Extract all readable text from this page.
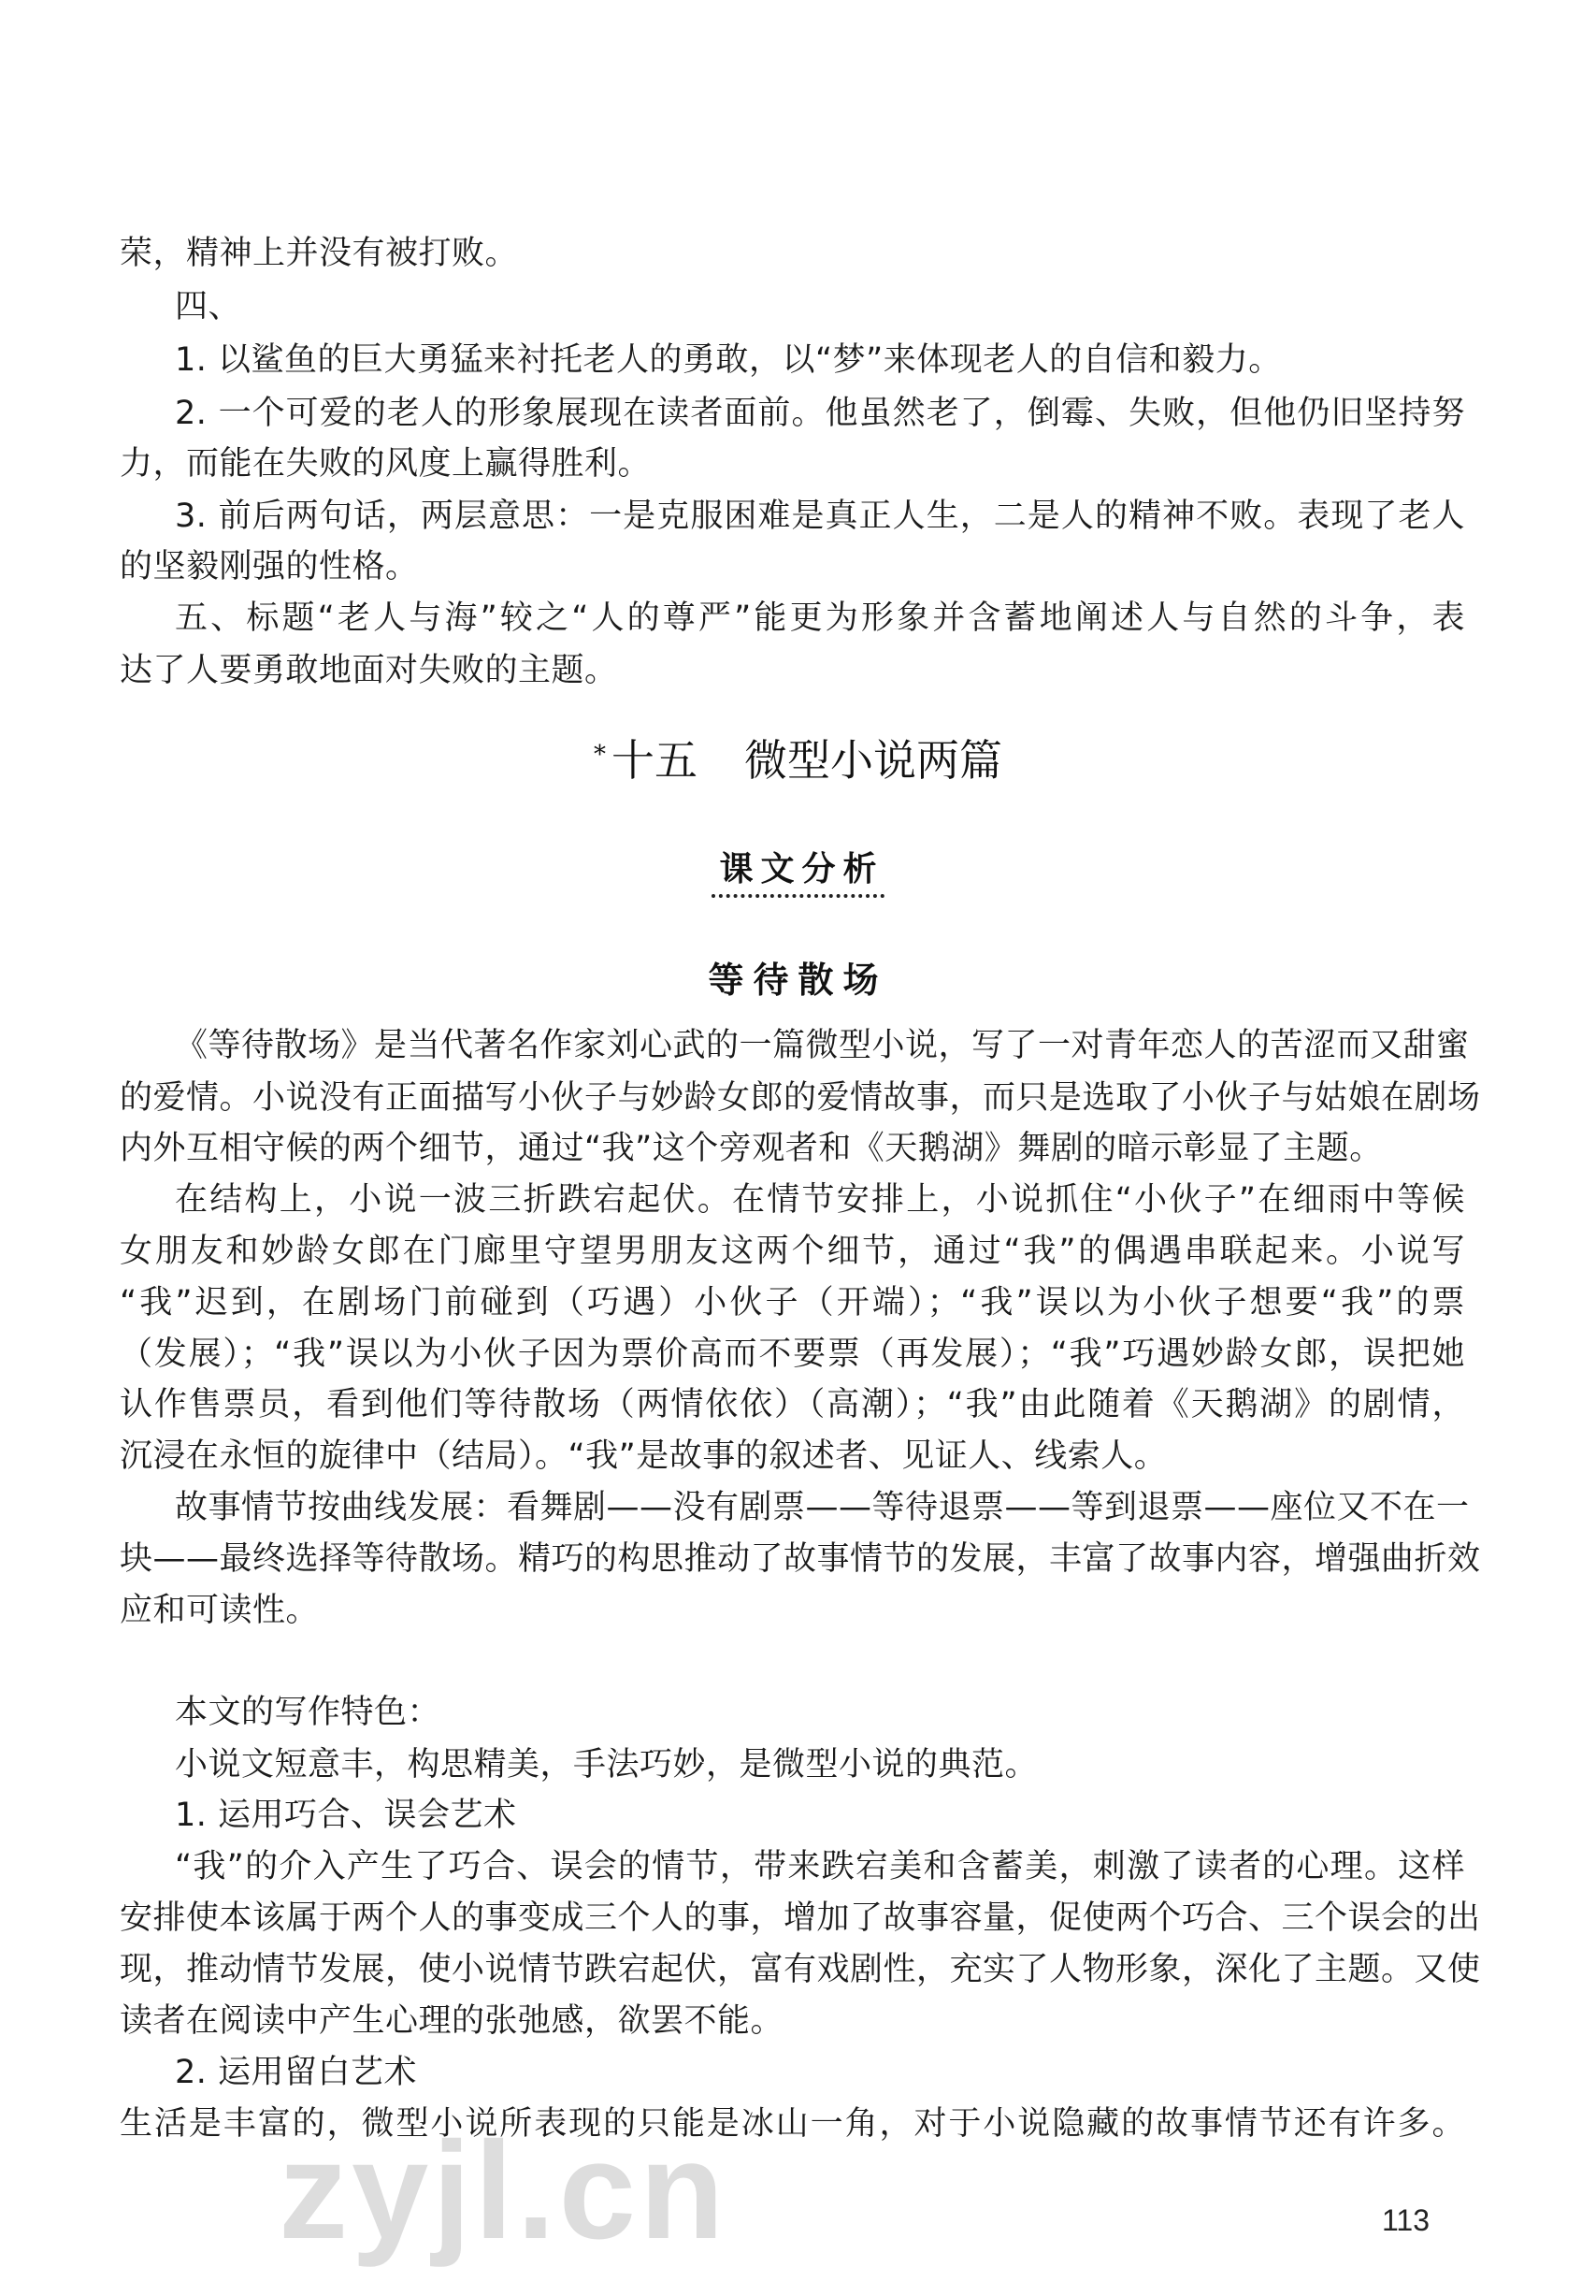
荣，精神上并没有被打败。
四、
1. 以鲨鱼的巨大勇猛来衬托老人的勇敢，以“梦”来体现老人的自信和毅力。
2. 一个可爱的老人的形象展现在读者面前。他虽然老了，倒霉、失败，但他仍旧坚持努
力，而能在失败的风度上赢得胜利。
3. 前后两句话，两层意思：一是克服困难是真正人生，二是人的精神不败。表现了老人
的坚毅刚强的性格。
五、标题“老人与海”较之“人的尊严”能更为形象并含蓄地阐述人与自然的斗争，表
达了人要勇敢地面对失败的主题。
* 十五 微型小说两篇
课文分析
等待散场
《等待散场》是当代著名作家刘心武的一篇微型小说，写了一对青年恋人的苦涩而又甜蜜
的爱情。小说没有正面描写小伙子与妙龄女郎的爱情故事，而只是选取了小伙子与姑娘在剧场
内外互相守候的两个细节，通过“我”这个旁观者和《天鹅湖》舞剧的暗示彰显了主题。
在结构上，小说一波三折跌宕起伏。在情节安排上，小说抓住“小伙子”在细雨中等候
女朋友和妙龄女郎在门廊里守望男朋友这两个细节，通过“我”的偶遇串联起来。小说写
“我”迟到，在剧场门前碰到（巧遇）小伙子（开端）；“我”误以为小伙子想要“我”的票
（发展）；“我”误以为小伙子因为票价高而不要票（再发展）；“我”巧遇妙龄女郎，误把她
认作售票员，看到他们等待散场（两情依依）（高潮）；“我”由此随着《天鹅湖》的剧情，
沉浸在永恒的旋律中（结局）。“我”是故事的叙述者、见证人、线索人。
故事情节按曲线发展：看舞剧——没有剧票——等待退票——等到退票——座位又不在一
块——最终选择等待散场。精巧的构思推动了故事情节的发展，丰富了故事内容，增强曲折效
应和可读性。
本文的写作特色：
小说文短意丰，构思精美，手法巧妙，是微型小说的典范。
1. 运用巧合、误会艺术
“我”的介入产生了巧合、误会的情节，带来跌宕美和含蓄美，刺激了读者的心理。这样
安排使本该属于两个人的事变成三个人的事，增加了故事容量，促使两个巧合、三个误会的出
现，推动情节发展，使小说情节跌宕起伏，富有戏剧性，充实了人物形象，深化了主题。又使
读者在阅读中产生心理的张弛感，欲罢不能。
2. 运用留白艺术
生活是丰富的，微型小说所表现的只能是冰山一角，对于小说隐藏的故事情节还有许多。
zyjl.cn	113
